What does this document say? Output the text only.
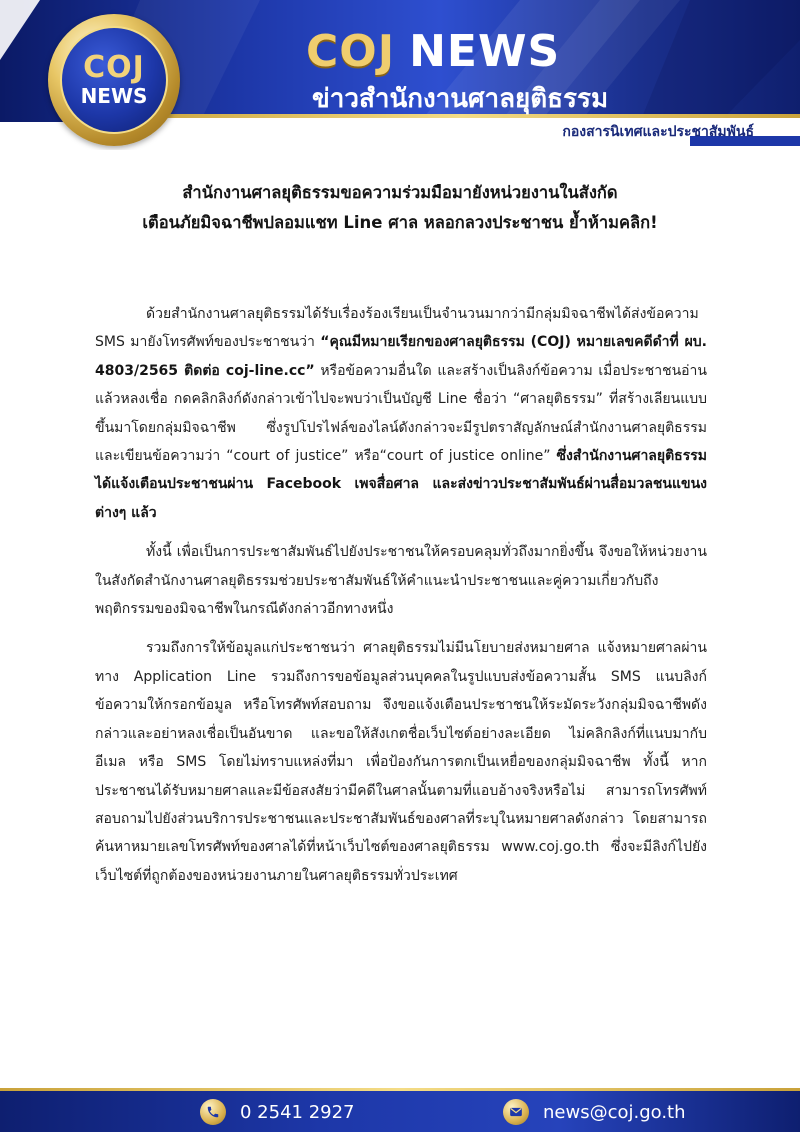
COJ
NEWS
COJ NEWS
ข่าวสำนักงานศาลยุติธรรม
กองสารนิเทศและประชาสัมพันธ์
สำนักงานศาลยุติธรรมขอความร่วมมือมายังหน่วยงานในสังกัด
เตือนภัยมิจฉาชีพปลอมแชท Line ศาล หลอกลวงประชาชน ย้ำห้ามคลิก!

ด้วยสำนักงานศาลยุติธรรมได้รับเรื่องร้องเรียนเป็นจำนวนมากว่ามีกลุ่มมิจฉาชีพได้ส่งข้อความ SMS มายังโทรศัพท์ของประชาชนว่า “คุณมีหมายเรียกของศาลยุติธรรม (COJ) หมายเลขคดีดำที่ ผบ. 4803/2565 ติดต่อ coj-line.cc” หรือข้อความอื่นใด และสร้างเป็นลิงก์ข้อความ เมื่อประชาชนอ่านแล้วหลงเชื่อ กดคลิกลิงก์ดังกล่าวเข้าไปจะพบว่าเป็นบัญชี Line ชื่อว่า “ศาลยุติธรรม” ที่สร้างเลียนแบบขึ้นมาโดยกลุ่มมิจฉาชีพ ซึ่งรูปโปรไฟล์ของไลน์ดังกล่าวจะมีรูปตราสัญลักษณ์สำนักงานศาลยุติธรรม และเขียนข้อความว่า “court of justice” หรือ“court of justice online” ซึ่งสำนักงานศาลยุติธรรมได้แจ้งเตือนประชาชนผ่าน Facebook เพจสื่อศาล และส่งข่าวประชาสัมพันธ์ผ่านสื่อมวลชนแขนงต่างๆ แล้ว

ทั้งนี้ เพื่อเป็นการประชาสัมพันธ์ไปยังประชาชนให้ครอบคลุมทั่วถึงมากยิ่งขึ้น จึงขอให้หน่วยงานในสังกัดสำนักงานศาลยุติธรรมช่วยประชาสัมพันธ์ให้คำแนะนำประชาชนและคู่ความเกี่ยวกับถึงพฤติกรรมของมิจฉาชีพในกรณีดังกล่าวอีกทางหนึ่ง

รวมถึงการให้ข้อมูลแก่ประชาชนว่า ศาลยุติธรรมไม่มีนโยบายส่งหมายศาล แจ้งหมายศาลผ่านทาง Application Line รวมถึงการขอข้อมูลส่วนบุคคลในรูปแบบส่งข้อความสั้น SMS แนบลิงก์ข้อความให้กรอกข้อมูล หรือโทรศัพท์สอบถาม จึงขอแจ้งเตือนประชาชนให้ระมัดระวังกลุ่มมิจฉาชีพดังกล่าวและอย่าหลงเชื่อเป็นอันขาด และขอให้สังเกตชื่อเว็บไซต์อย่างละเอียด ไม่คลิกลิงก์ที่แนบมากับอีเมล หรือ SMS โดยไม่ทราบแหล่งที่มา เพื่อป้องกันการตกเป็นเหยื่อของกลุ่มมิจฉาชีพ ทั้งนี้ หากประชาชนได้รับหมายศาลและมีข้อสงสัยว่ามีคดีในศาลนั้นตามที่แอบอ้างจริงหรือไม่ สามารถโทรศัพท์สอบถามไปยังส่วนบริการประชาชนและประชาสัมพันธ์ของศาลที่ระบุในหมายศาลดังกล่าว โดยสามารถค้นหาหมายเลขโทรศัพท์ของศาลได้ที่หน้าเว็บไซต์ของศาลยุติธรรม www.coj.go.th ซึ่งจะมีลิงก์ไปยังเว็บไซต์ที่ถูกต้องของหน่วยงานภายในศาลยุติธรรมทั่วประเทศ

0 2541 2927	news@coj.go.th
